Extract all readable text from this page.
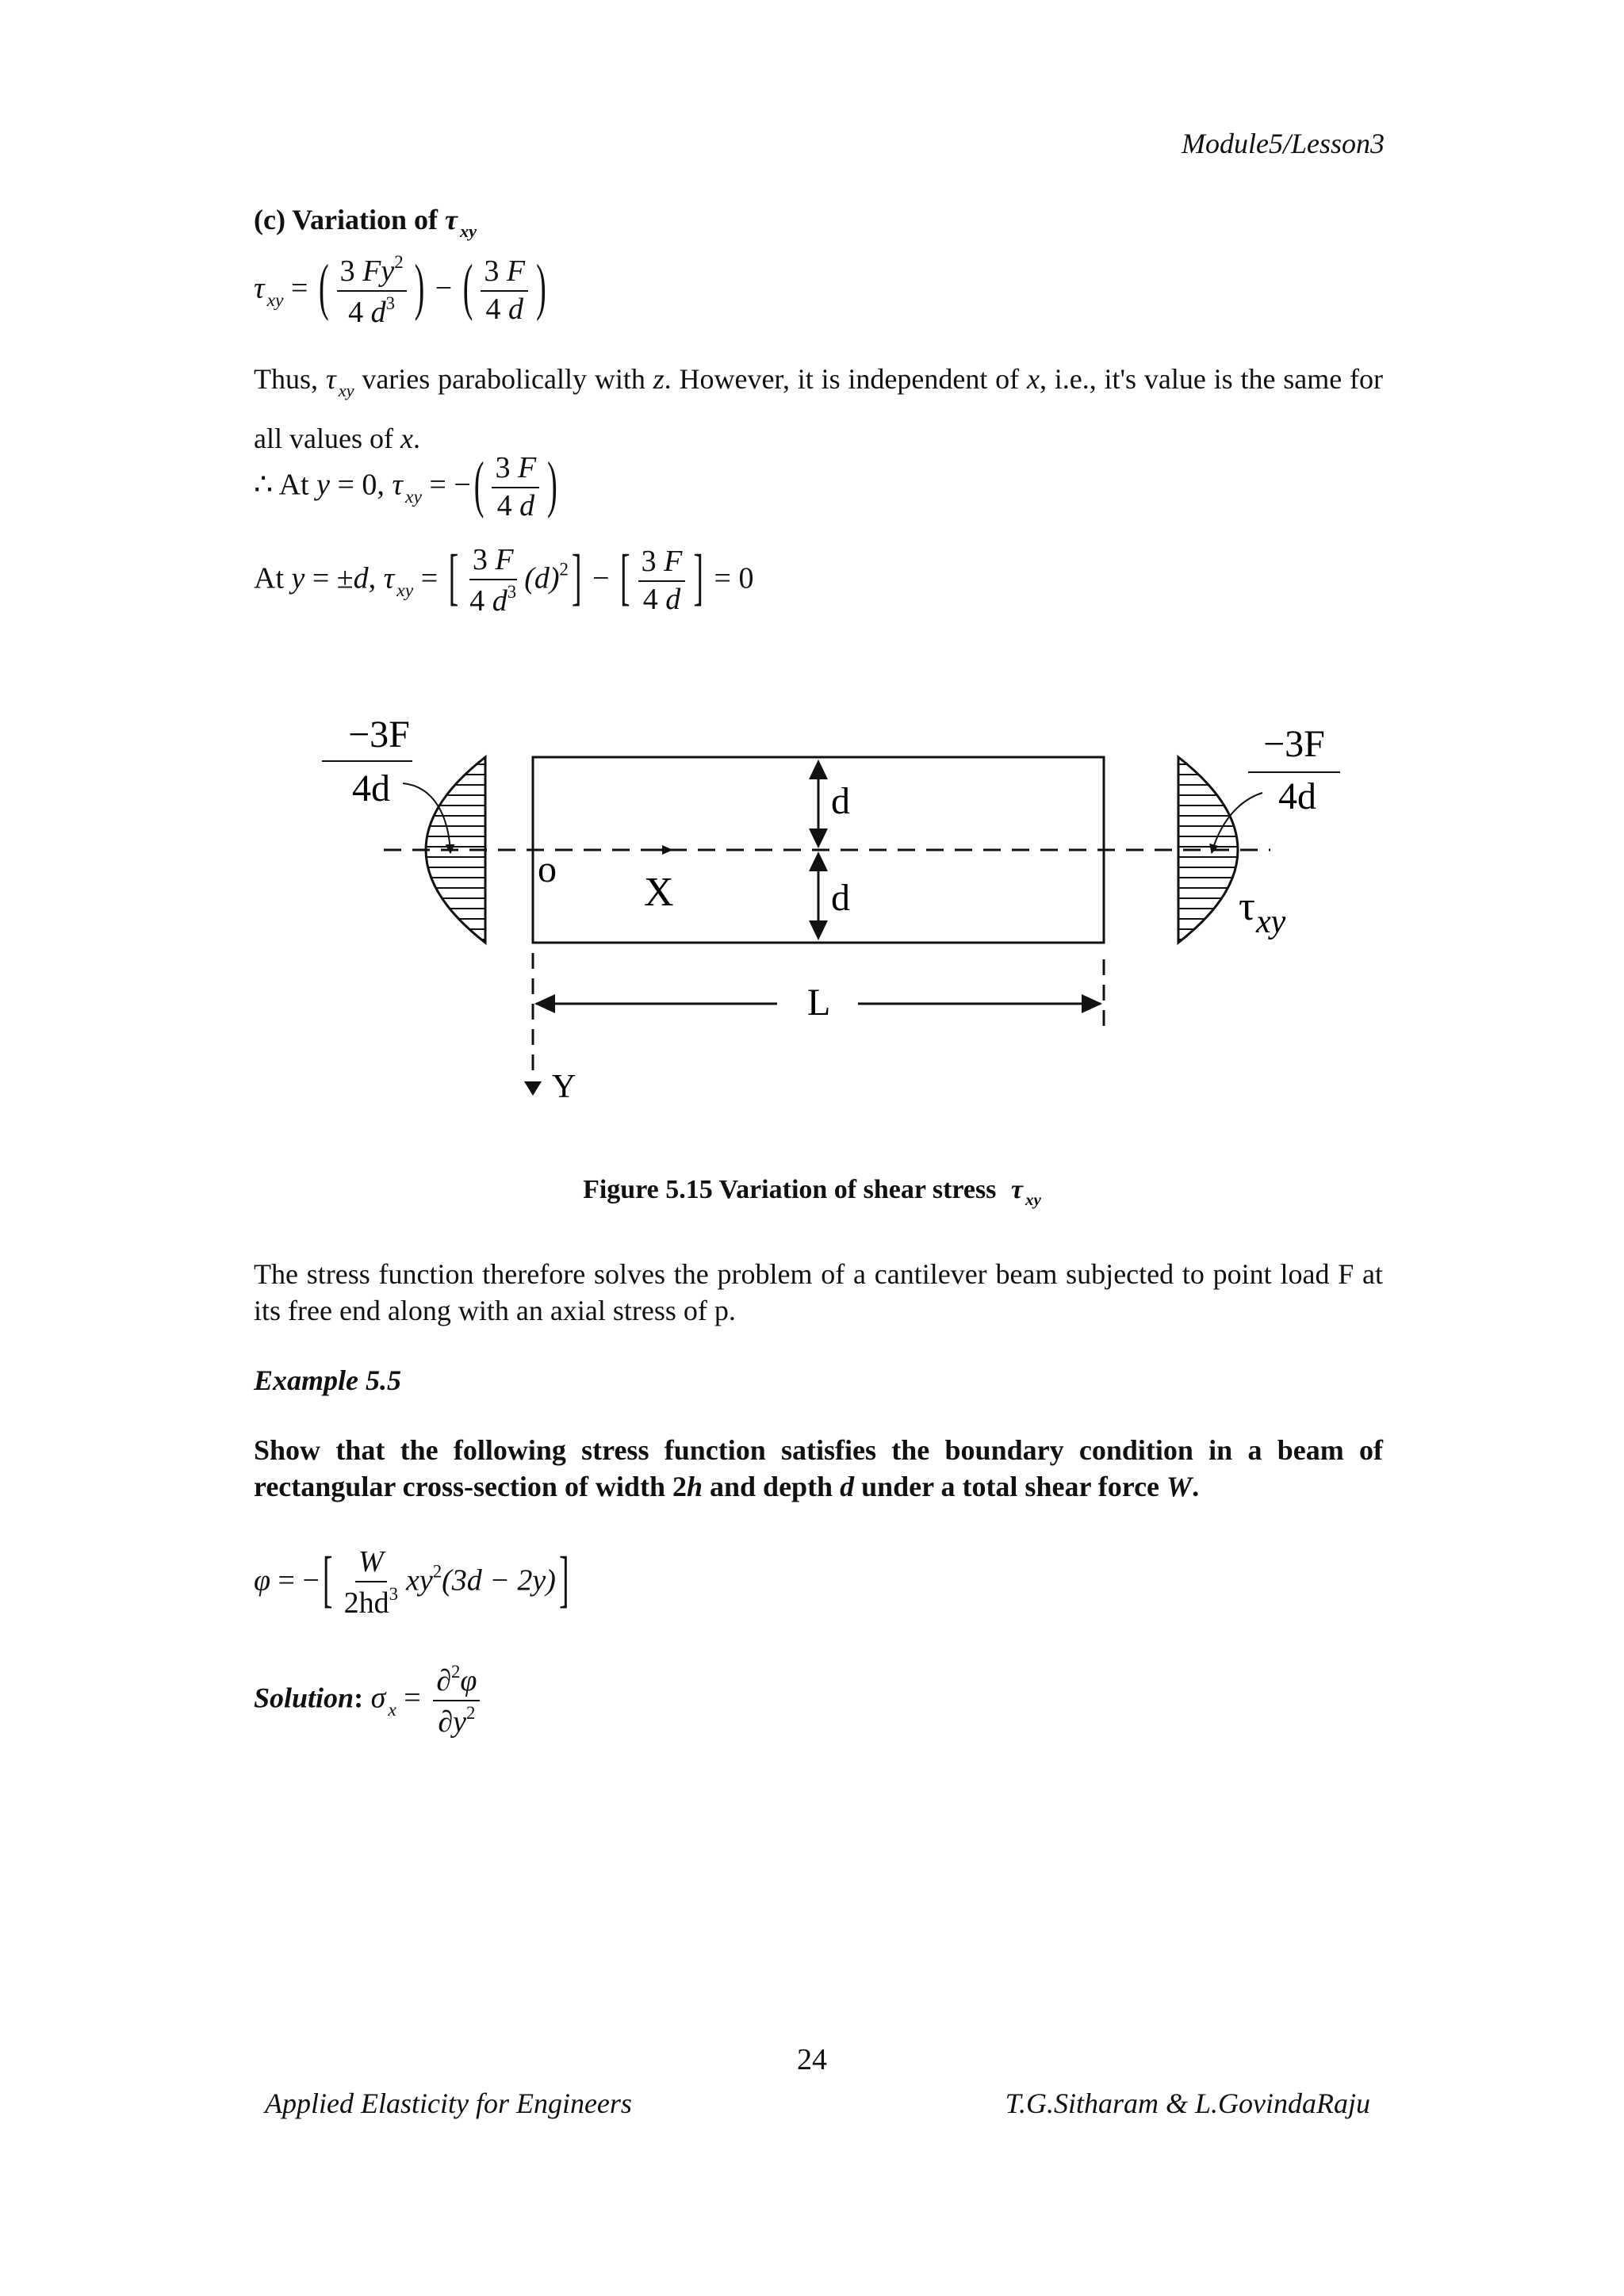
Module5/Lesson3
(c) Variation of τ $_{xy}$
τ $_{xy}$ = ( $\frac{3 Fy^2}{4 d^3}$ ) − ( $\frac{3 F}{4 d}$ )
Thus, τ $_{xy}$ varies parabolically with z. However, it is independent of x, i.e., it's value is the same for all values of x.
∴ At y = 0, τ $_{xy}$ = − ( $\frac{3 F}{4 d}$ )
At y = ±d, τ $_{xy}$ = [ $\frac{3 F}{4 d^3} (d)^2$ ] − [ $\frac{3 F}{4 d}$ ] = 0
−3F
4d
−3F
4d
d
d
o
X
Y
L
τ xy
Figure 5.15 Variation of shear stress τ $_{xy}$
The stress function therefore solves the problem of a cantilever beam subjected to point load F at its free end along with an axial stress of p.
Example 5.5
Show that the following stress function satisfies the boundary condition in a beam of rectangular cross-section of width 2h and depth d under a total shear force W.
φ = − [ $\frac{W}{2hd^3} xy^2(3d - 2y)$ ]
Solution: σ $_x = \frac{\partial^2\varphi}{\partial y^2}$
24
Applied Elasticity for Engineers	T.G.Sitharam & L.GovindaRaju
